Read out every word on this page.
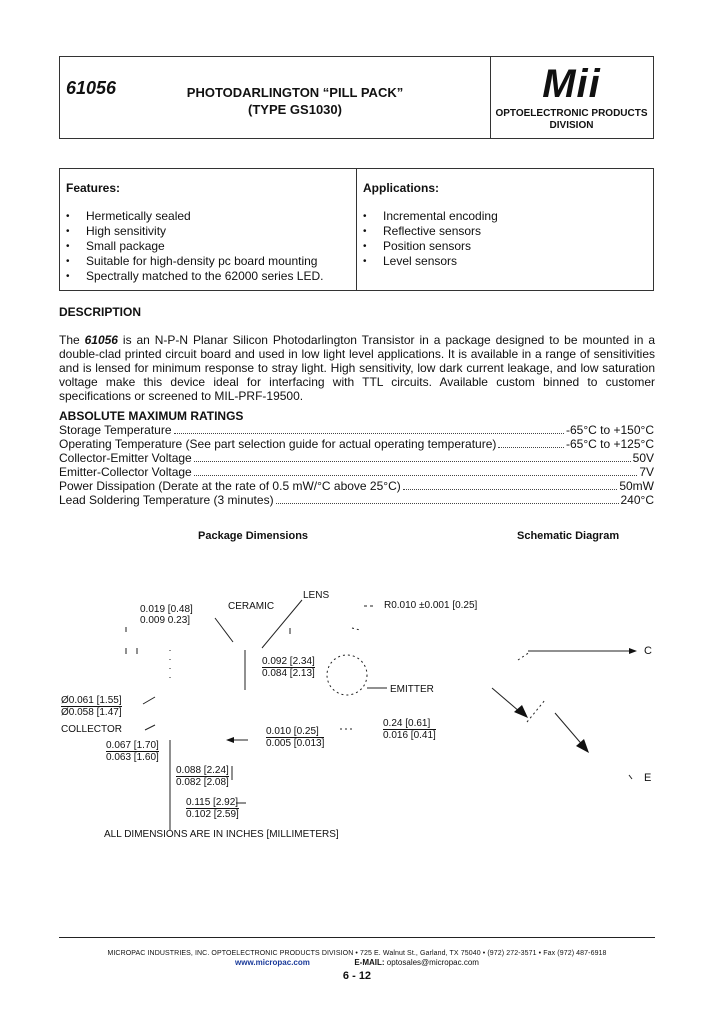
61056	PHOTODARLINGTON “PILL PACK”
(TYPE GS1030)
Mii
OPTOELECTRONIC PRODUCTS
DIVISION
Features:
• Hermetically sealed
• High sensitivity
• Small package
• Suitable for high-density pc board mounting
• Spectrally matched to the 62000 series LED.
Applications:
• Incremental encoding
• Reflective sensors
• Position sensors
• Level sensors
DESCRIPTION

The 61056 is an N-P-N Planar Silicon Photodarlington Transistor in a package designed to be mounted in a double-clad printed circuit board and used in low light level applications. It is available in a range of sensitivities and is lensed for minimum response to stray light. High sensitivity, low dark current leakage, and low saturation voltage make this device ideal for interfacing with TTL circuits. Available custom binned to customer specifications or screened to MIL-PRF-19500.

ABSOLUTE MAXIMUM RATINGS
Storage Temperature	-65°C to +150°C
Operating Temperature (See part selection guide for actual operating temperature)	-65°C to +125°C
Collector-Emitter Voltage	50V
Emitter-Collector Voltage	7V
Power Dissipation (Derate at the rate of 0.5 mW/°C above 25°C)	50mW
Lead Soldering Temperature (3 minutes)	240°C
Package Dimensions	Schematic Diagram
0.019 [0.48]
0.009 0.23]
CERAMIC
LENS
R0.010 ±0.001 [0.25]
0.092 [2.34]
0.084 [2.13]
EMITTER
Ø0.061 [1.55]
Ø0.058 [1.47]
COLLECTOR	0.010 [0.25]
0.005 [0.013]
0.24 [0.61]
0.016 [0.41]
0.067 [1.70]
0.063 [1.60]
0.088 [2.24]
0.082 [2.08]
0.115 [2.92]
0.102 [2.59]
ALL DIMENSIONS ARE IN INCHES [MILLIMETERS]
C
E
MICROPAC INDUSTRIES, INC. OPTOELECTRONIC PRODUCTS DIVISION • 725 E. Walnut St., Garland, TX 75040 • (972) 272-3571 • Fax (972) 487-6918
www.micropac.com	E-MAIL: optosales@micropac.com
6 - 12
